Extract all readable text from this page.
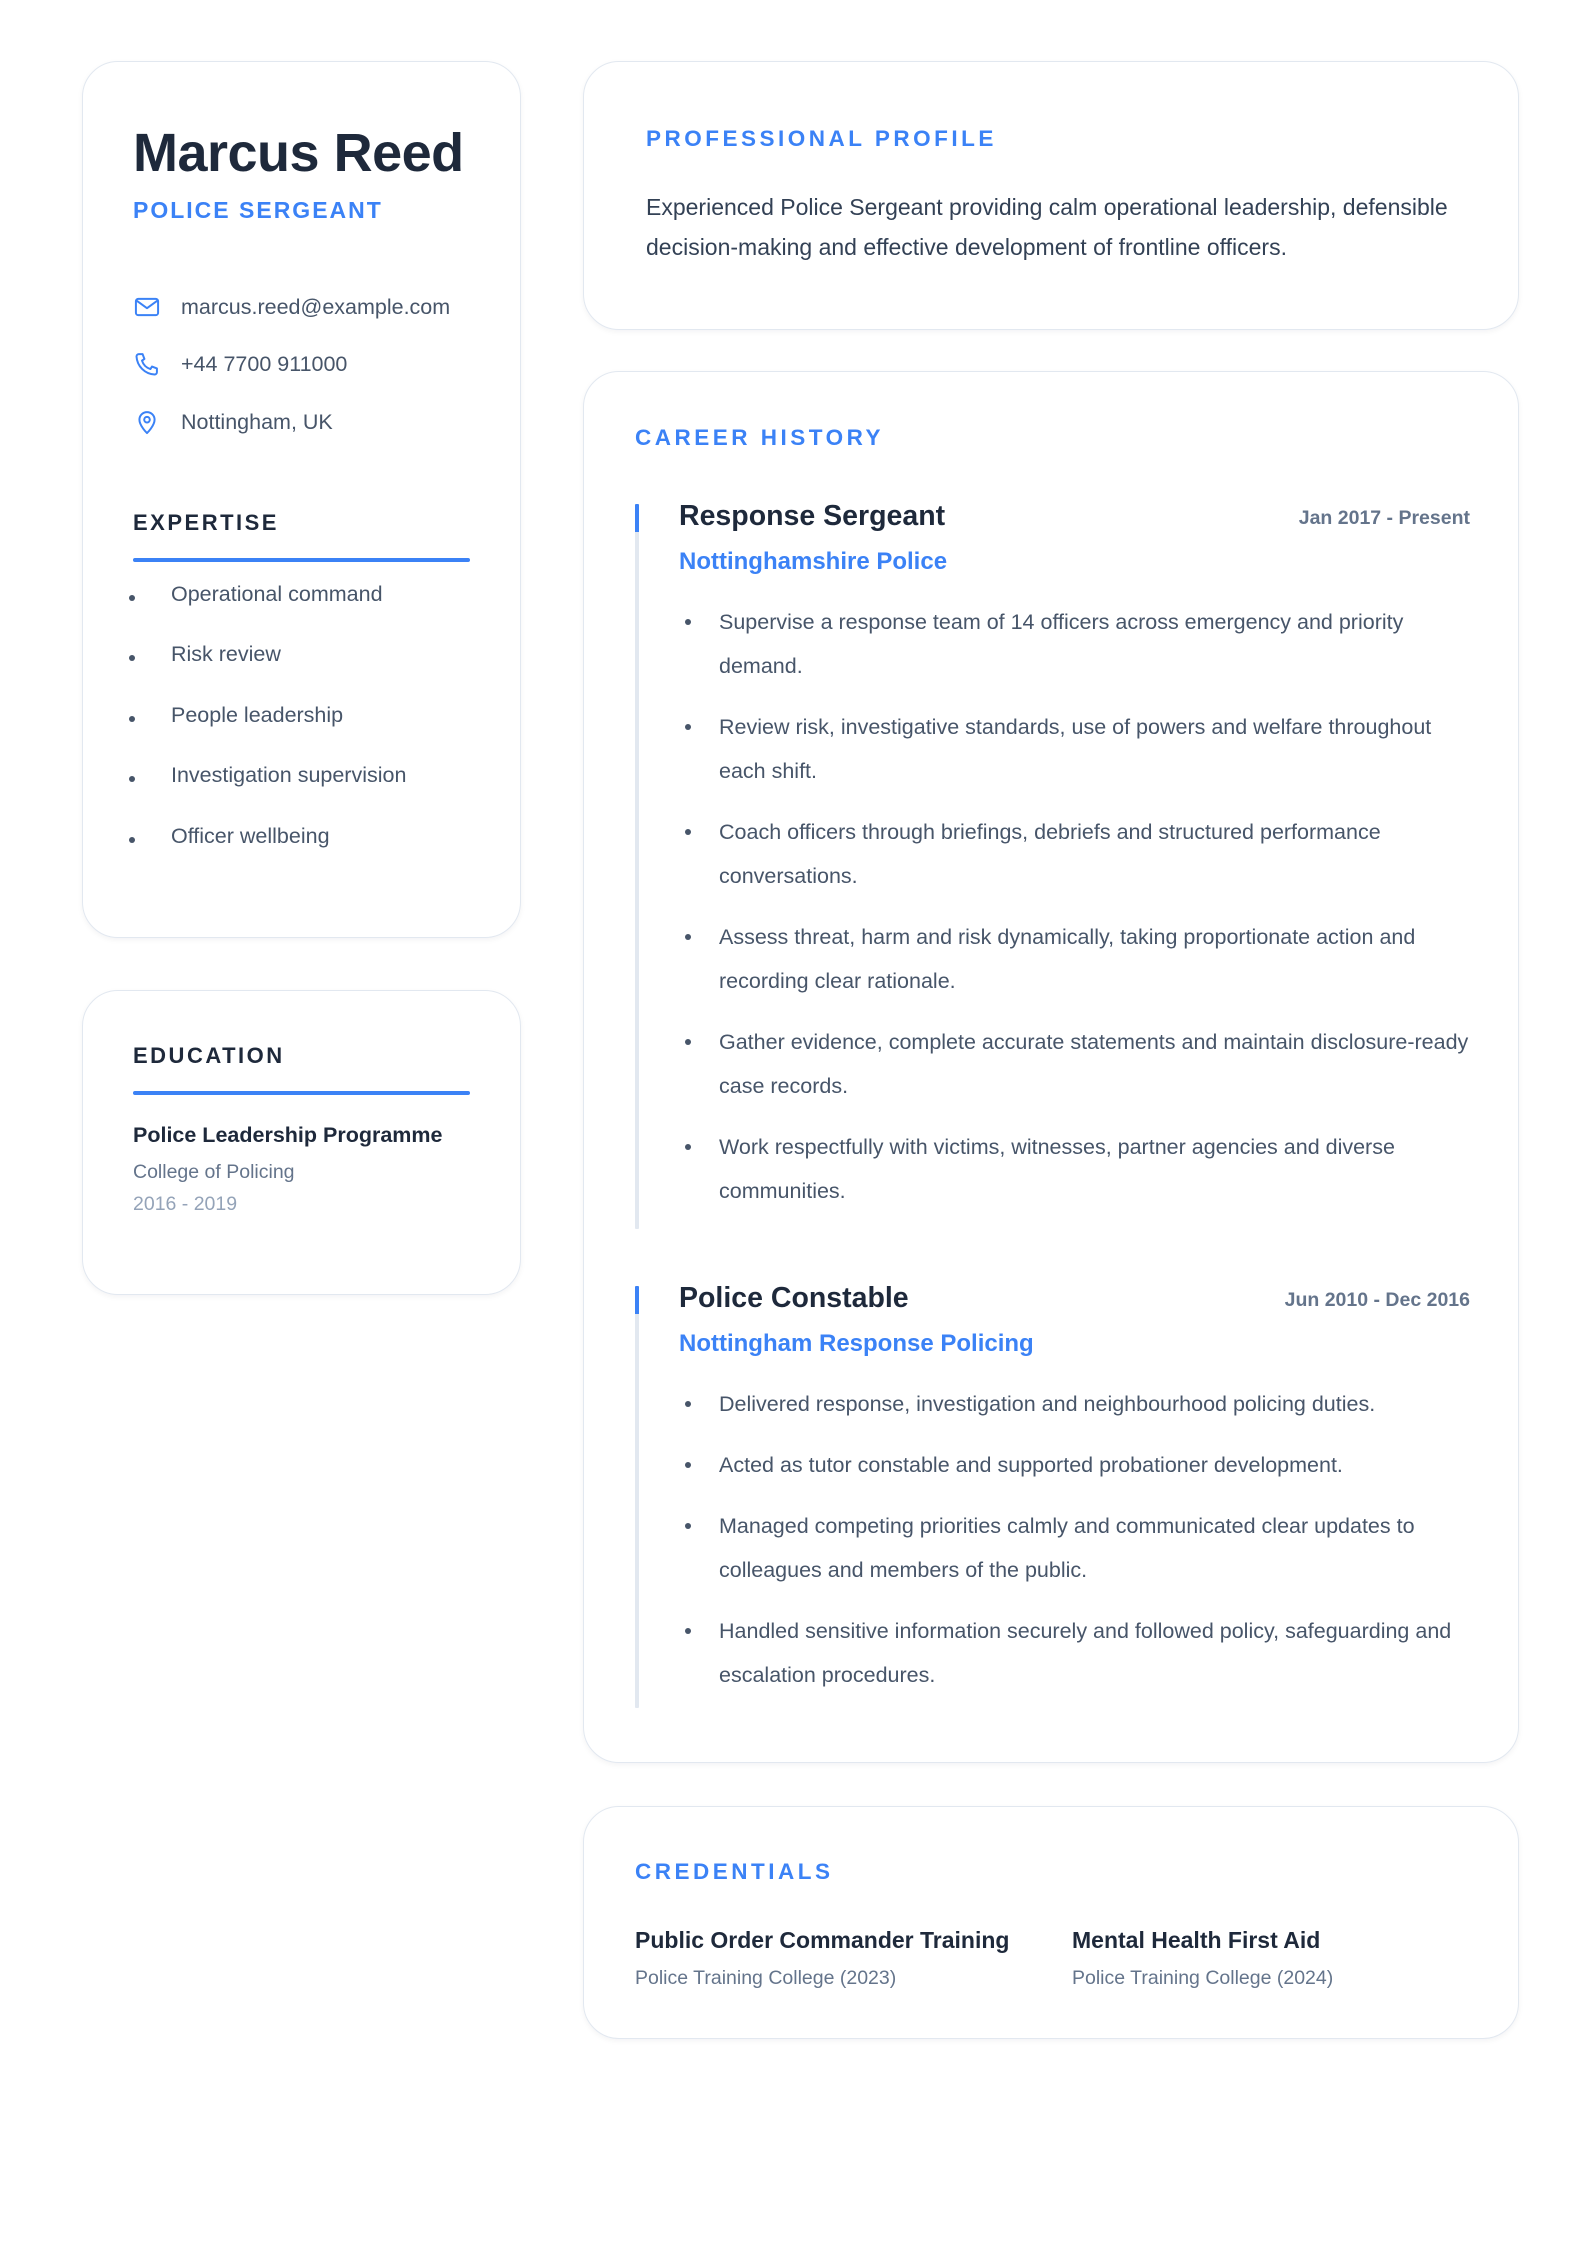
Marcus Reed
POLICE SERGEANT
marcus.reed@example.com
+44 7700 911000
Nottingham, UK
EXPERTISE
Operational command
Risk review
People leadership
Investigation supervision
Officer wellbeing
EDUCATION
Police Leadership Programme
College of Policing
2016 - 2019
PROFESSIONAL PROFILE
Experienced Police Sergeant providing calm operational leadership, defensible decision-making and effective development of frontline officers.
CAREER HISTORY
Response Sergeant	Jan 2017 - Present
Nottinghamshire Police
Supervise a response team of 14 officers across emergency and priority demand.
Review risk, investigative standards, use of powers and welfare throughout each shift.
Coach officers through briefings, debriefs and structured performance conversations.
Assess threat, harm and risk dynamically, taking proportionate action and recording clear rationale.
Gather evidence, complete accurate statements and maintain disclosure-ready case records.
Work respectfully with victims, witnesses, partner agencies and diverse communities.
Police Constable	Jun 2010 - Dec 2016
Nottingham Response Policing
Delivered response, investigation and neighbourhood policing duties.
Acted as tutor constable and supported probationer development.
Managed competing priorities calmly and communicated clear updates to colleagues and members of the public.
Handled sensitive information securely and followed policy, safeguarding and escalation procedures.
CREDENTIALS
Public Order Commander Training
Police Training College (2023)
Mental Health First Aid
Police Training College (2024)
